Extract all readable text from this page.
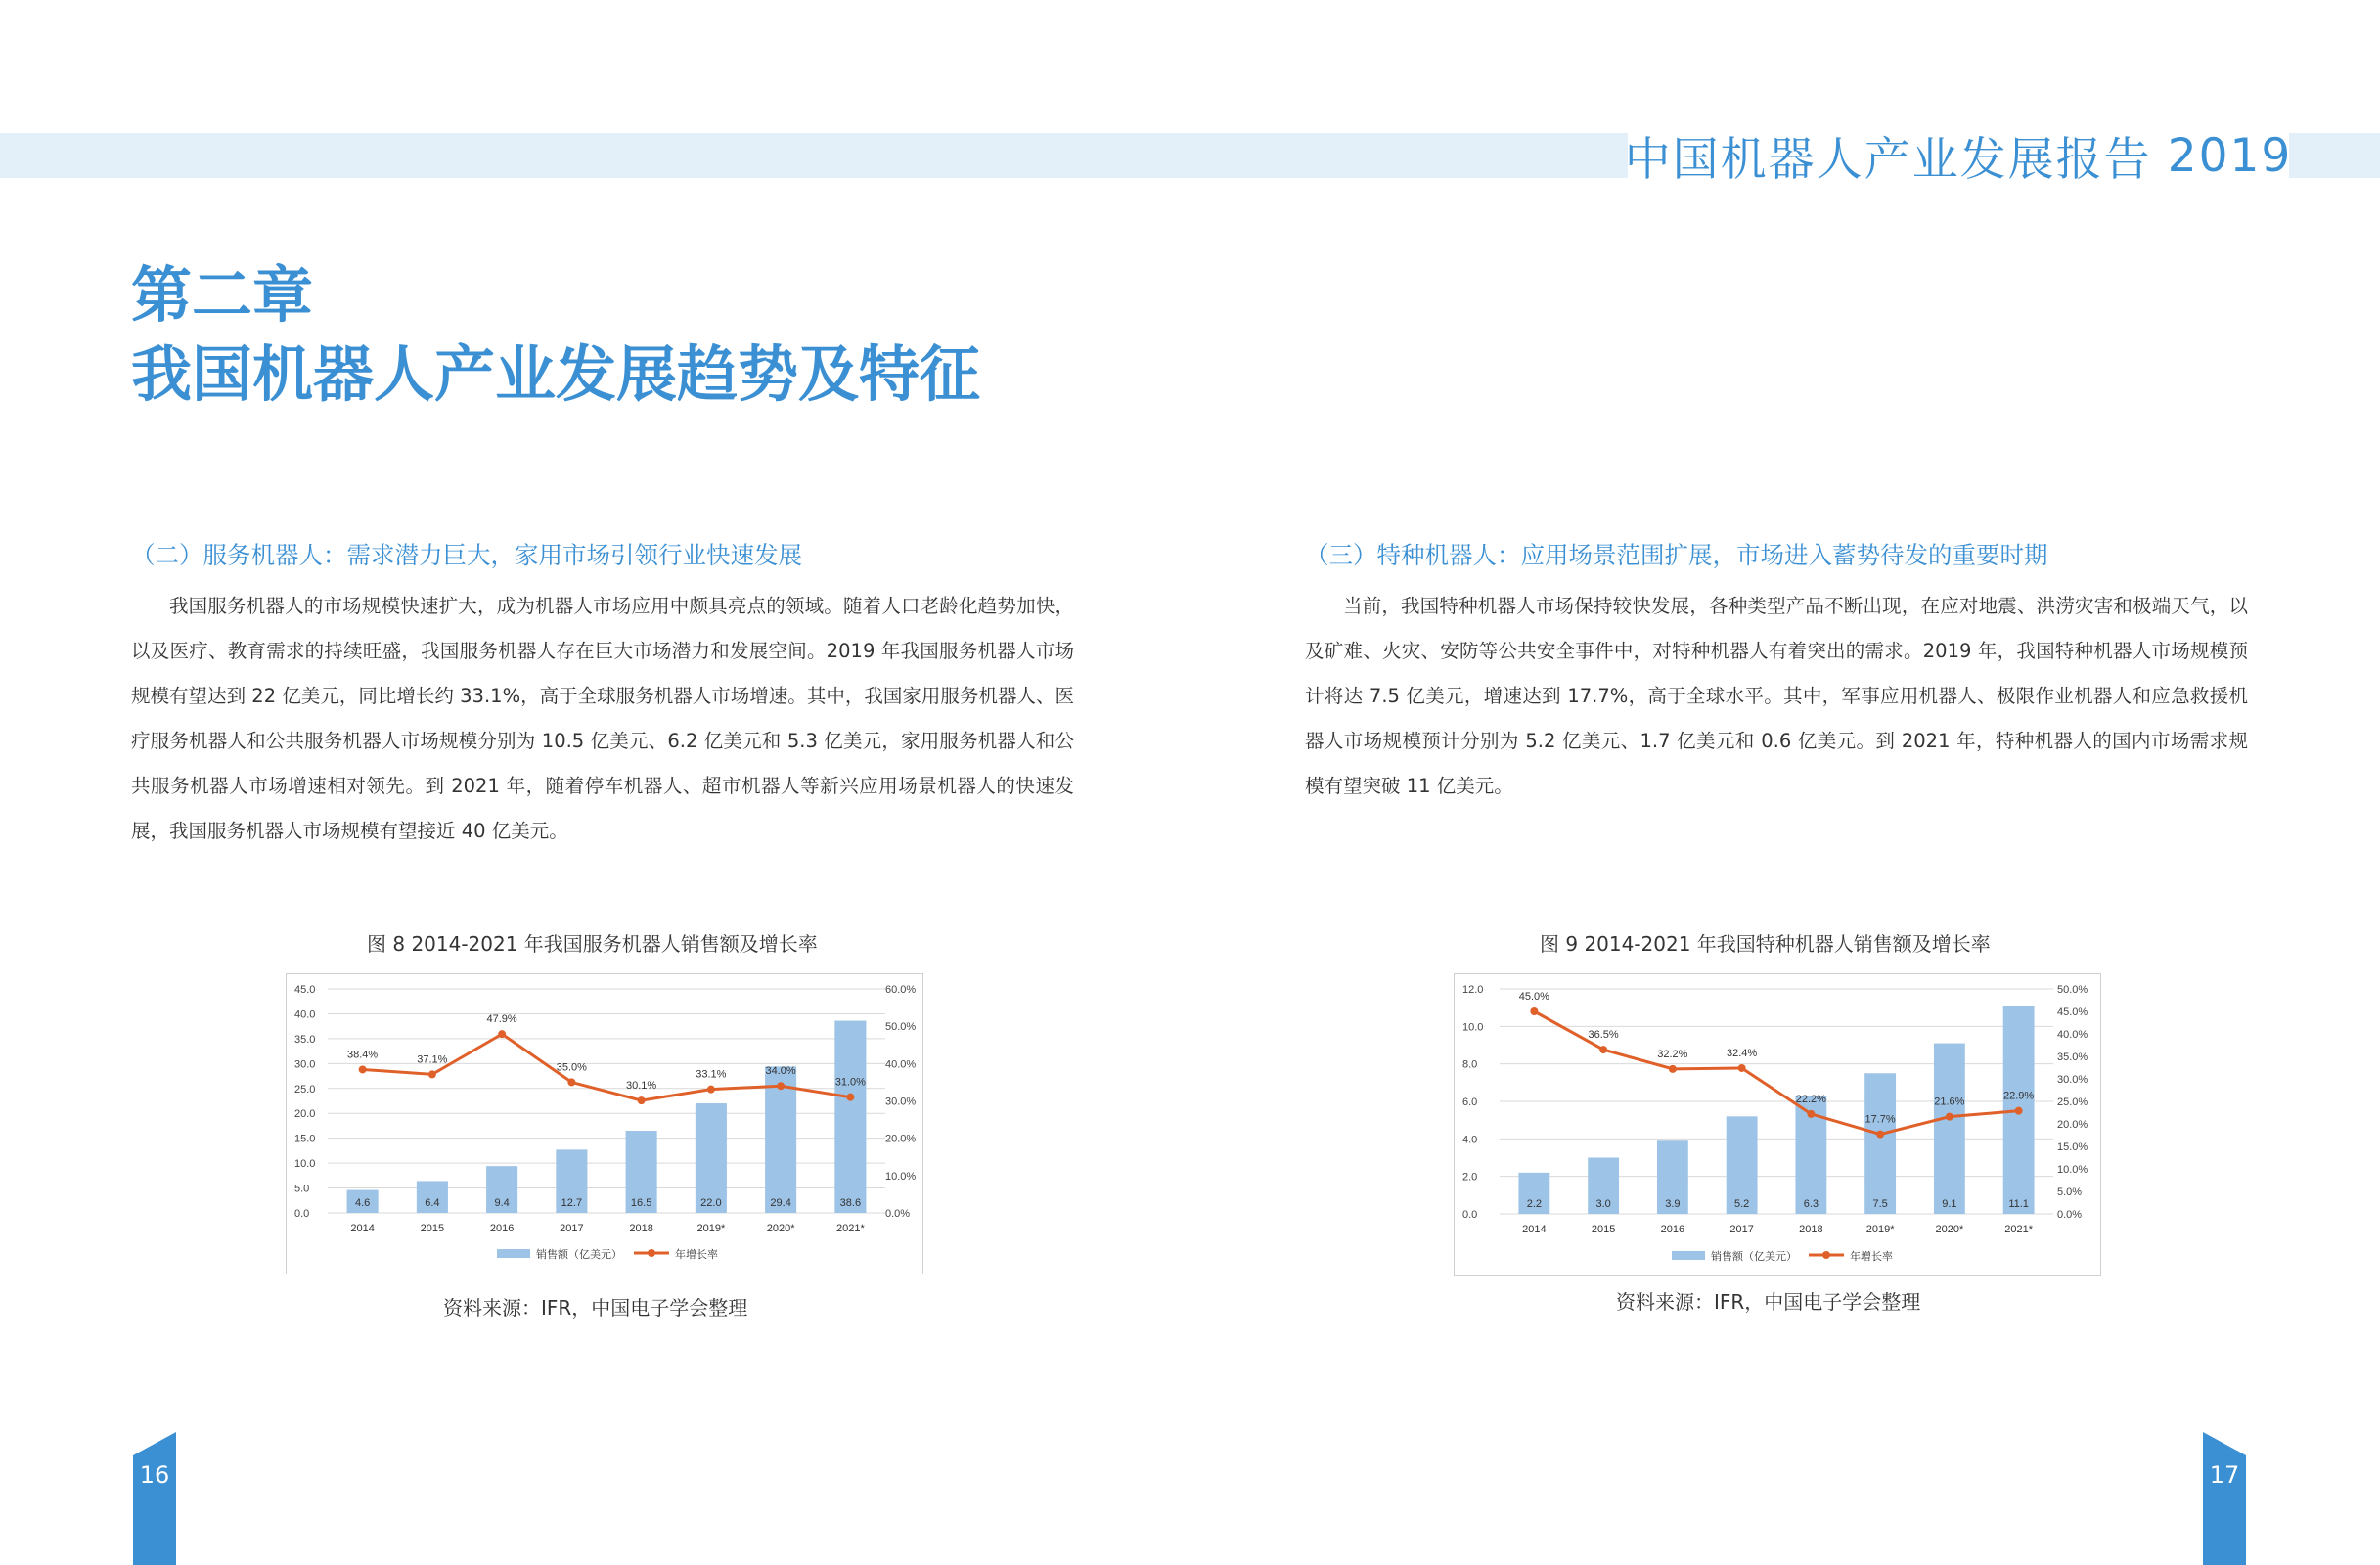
中国机器人产业发展报告 2019
第二章
我国机器人产业发展趋势及特征
（二）服务机器人：需求潜力巨大，家用市场引领行业快速发展

我国服务机器人的市场规模快速扩大，成为机器人市场应用中颇具亮点的领域。随着人口老龄化趋势加快，以及医疗、教育需求的持续旺盛，我国服务机器人存在巨大市场潜力和发展空间。2019 年我国服务机器人市场规模有望达到 22 亿美元，同比增长约 33.1%，高于全球服务机器人市场增速。其中，我国家用服务机器人、医疗服务机器人和公共服务机器人市场规模分别为 10.5 亿美元、6.2 亿美元和 5.3 亿美元，家用服务机器人和公共服务机器人市场增速相对领先。到 2021 年，随着停车机器人、超市机器人等新兴应用场景机器人的快速发展，我国服务机器人市场规模有望接近 40 亿美元。

图 8 2014-2021 年我国服务机器人销售额及增长率
0.0
5.0
10.0
15.0
20.0
25.0
30.0
35.0
40.0
45.0
0.0%
10.0%
20.0%
30.0%
40.0%
50.0%
60.0%
4.6	6.4	9.4	12.7	16.5	22.0	29.4	38.6
2014	2015	2016	2017	2018	2019*	2020*	2021*
38.4%	37.1%
47.9%
35.0%
30.1%
33.1%	34.0%
31.0%
销售额（亿美元）	年增长率
资料来源：IFR，中国电子学会整理
（三）特种机器人：应用场景范围扩展，市场进入蓄势待发的重要时期

当前，我国特种机器人市场保持较快发展，各种类型产品不断出现，在应对地震、洪涝灾害和极端天气，以及矿难、火灾、安防等公共安全事件中，对特种机器人有着突出的需求。2019 年，我国特种机器人市场规模预计将达 7.5 亿美元，增速达到 17.7%，高于全球水平。其中，军事应用机器人、极限作业机器人和应急救援机器人市场规模预计分别为 5.2 亿美元、1.7 亿美元和 0.6 亿美元。到 2021 年，特种机器人的国内市场需求规模有望突破 11 亿美元。

图 9 2014-2021 年我国特种机器人销售额及增长率
0.0
2.0
4.0
6.0
8.0
10.0
12.0
0.0%
5.0%
10.0%
15.0%
20.0%
25.0%
30.0%
35.0%
40.0%
45.0%
50.0%
2.2	3.0	3.9	5.2	6.3	7.5	9.1	11.1
2014	2015	2016	2017	2018	2019*	2020*	2021*
45.0%
36.5%
32.2%	32.4%
22.2%
17.7%
21.6%	22.9%
销售额（亿美元）	年增长率
资料来源：IFR，中国电子学会整理
16	17
